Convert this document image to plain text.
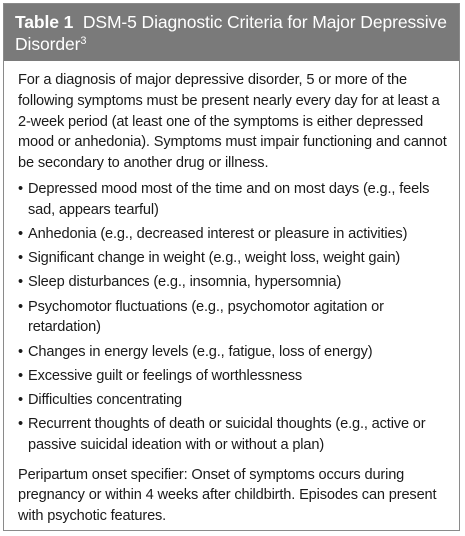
Table 1 DSM-5 Diagnostic Criteria for Major Depressive Disorder$^3$

For a diagnosis of major depressive disorder, 5 or more of the following symptoms must be present nearly every day for at least a 2-week period (at least one of the symptoms is either depressed mood or anhedonia). Symptoms must impair functioning and cannot be secondary to another drug or illness.

• Depressed mood most of the time and on most days (e.g., feels sad, appears tearful)
• Anhedonia (e.g., decreased interest or pleasure in activities)
• Significant change in weight (e.g., weight loss, weight gain)
• Sleep disturbances (e.g., insomnia, hypersomnia)
• Psychomotor fluctuations (e.g., psychomotor agitation or retardation)
• Changes in energy levels (e.g., fatigue, loss of energy)
• Excessive guilt or feelings of worthlessness
• Difficulties concentrating
• Recurrent thoughts of death or suicidal thoughts (e.g., active or passive suicidal ideation with or without a plan)

Peripartum onset specifier: Onset of symptoms occurs during pregnancy or within 4 weeks after childbirth. Episodes can present with psychotic features.
